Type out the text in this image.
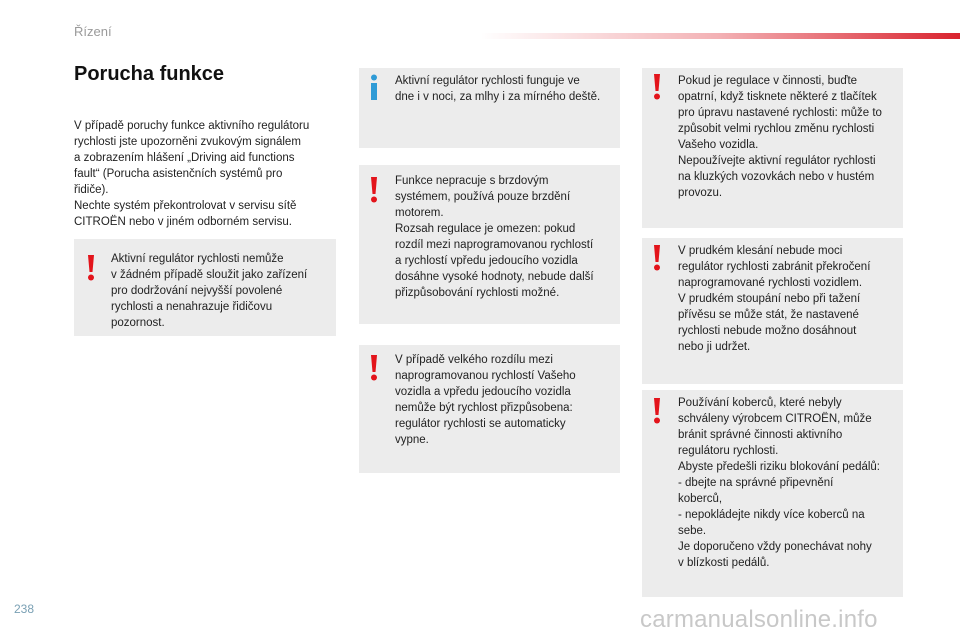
Řízení
Porucha funkce
V případě poruchy funkce aktivního regulátoru
rychlosti jste upozorněni zvukovým signálem
a zobrazením hlášení „Driving aid functions
fault“ (Porucha asistenčních systémů pro
řidiče).
Nechte systém překontrolovat v servisu sítě
CITROËN nebo v jiném odborném servisu.
Aktivní regulátor rychlosti nemůže
v žádném případě sloužit jako zařízení
pro dodržování nejvyšší povolené
rychlosti a nenahrazuje řidičovu
pozornost.
Aktivní regulátor rychlosti funguje ve
dne i v noci, za mlhy i za mírného deště.
Funkce nepracuje s brzdovým
systémem, používá pouze brzdění
motorem.
Rozsah regulace je omezen: pokud
rozdíl mezi naprogramovanou rychlostí
a rychlostí vpředu jedoucího vozidla
dosáhne vysoké hodnoty, nebude další
přizpůsobování rychlosti možné.
V případě velkého rozdílu mezi
naprogramovanou rychlostí Vašeho
vozidla a vpředu jedoucího vozidla
nemůže být rychlost přizpůsobena:
regulátor rychlosti se automaticky
vypne.
Pokud je regulace v činnosti, buďte
opatrní, když tisknete některé z tlačítek
pro úpravu nastavené rychlosti: může to
způsobit velmi rychlou změnu rychlosti
Vašeho vozidla.
Nepoužívejte aktivní regulátor rychlosti
na kluzkých vozovkách nebo v hustém
provozu.
V prudkém klesání nebude moci
regulátor rychlosti zabránit překročení
naprogramované rychlosti vozidlem.
V prudkém stoupání nebo při tažení
přívěsu se může stát, že nastavené
rychlosti nebude možno dosáhnout
nebo ji udržet.
Používání koberců, které nebyly
schváleny výrobcem CITROËN, může
bránit správné činnosti aktivního
regulátoru rychlosti.
Abyste předešli riziku blokování pedálů:
- dbejte na správné připevnění
koberců,
- nepokládejte nikdy více koberců na
sebe.
Je doporučeno vždy ponechávat nohy
v blízkosti pedálů.
238	carmanualsonline.info
